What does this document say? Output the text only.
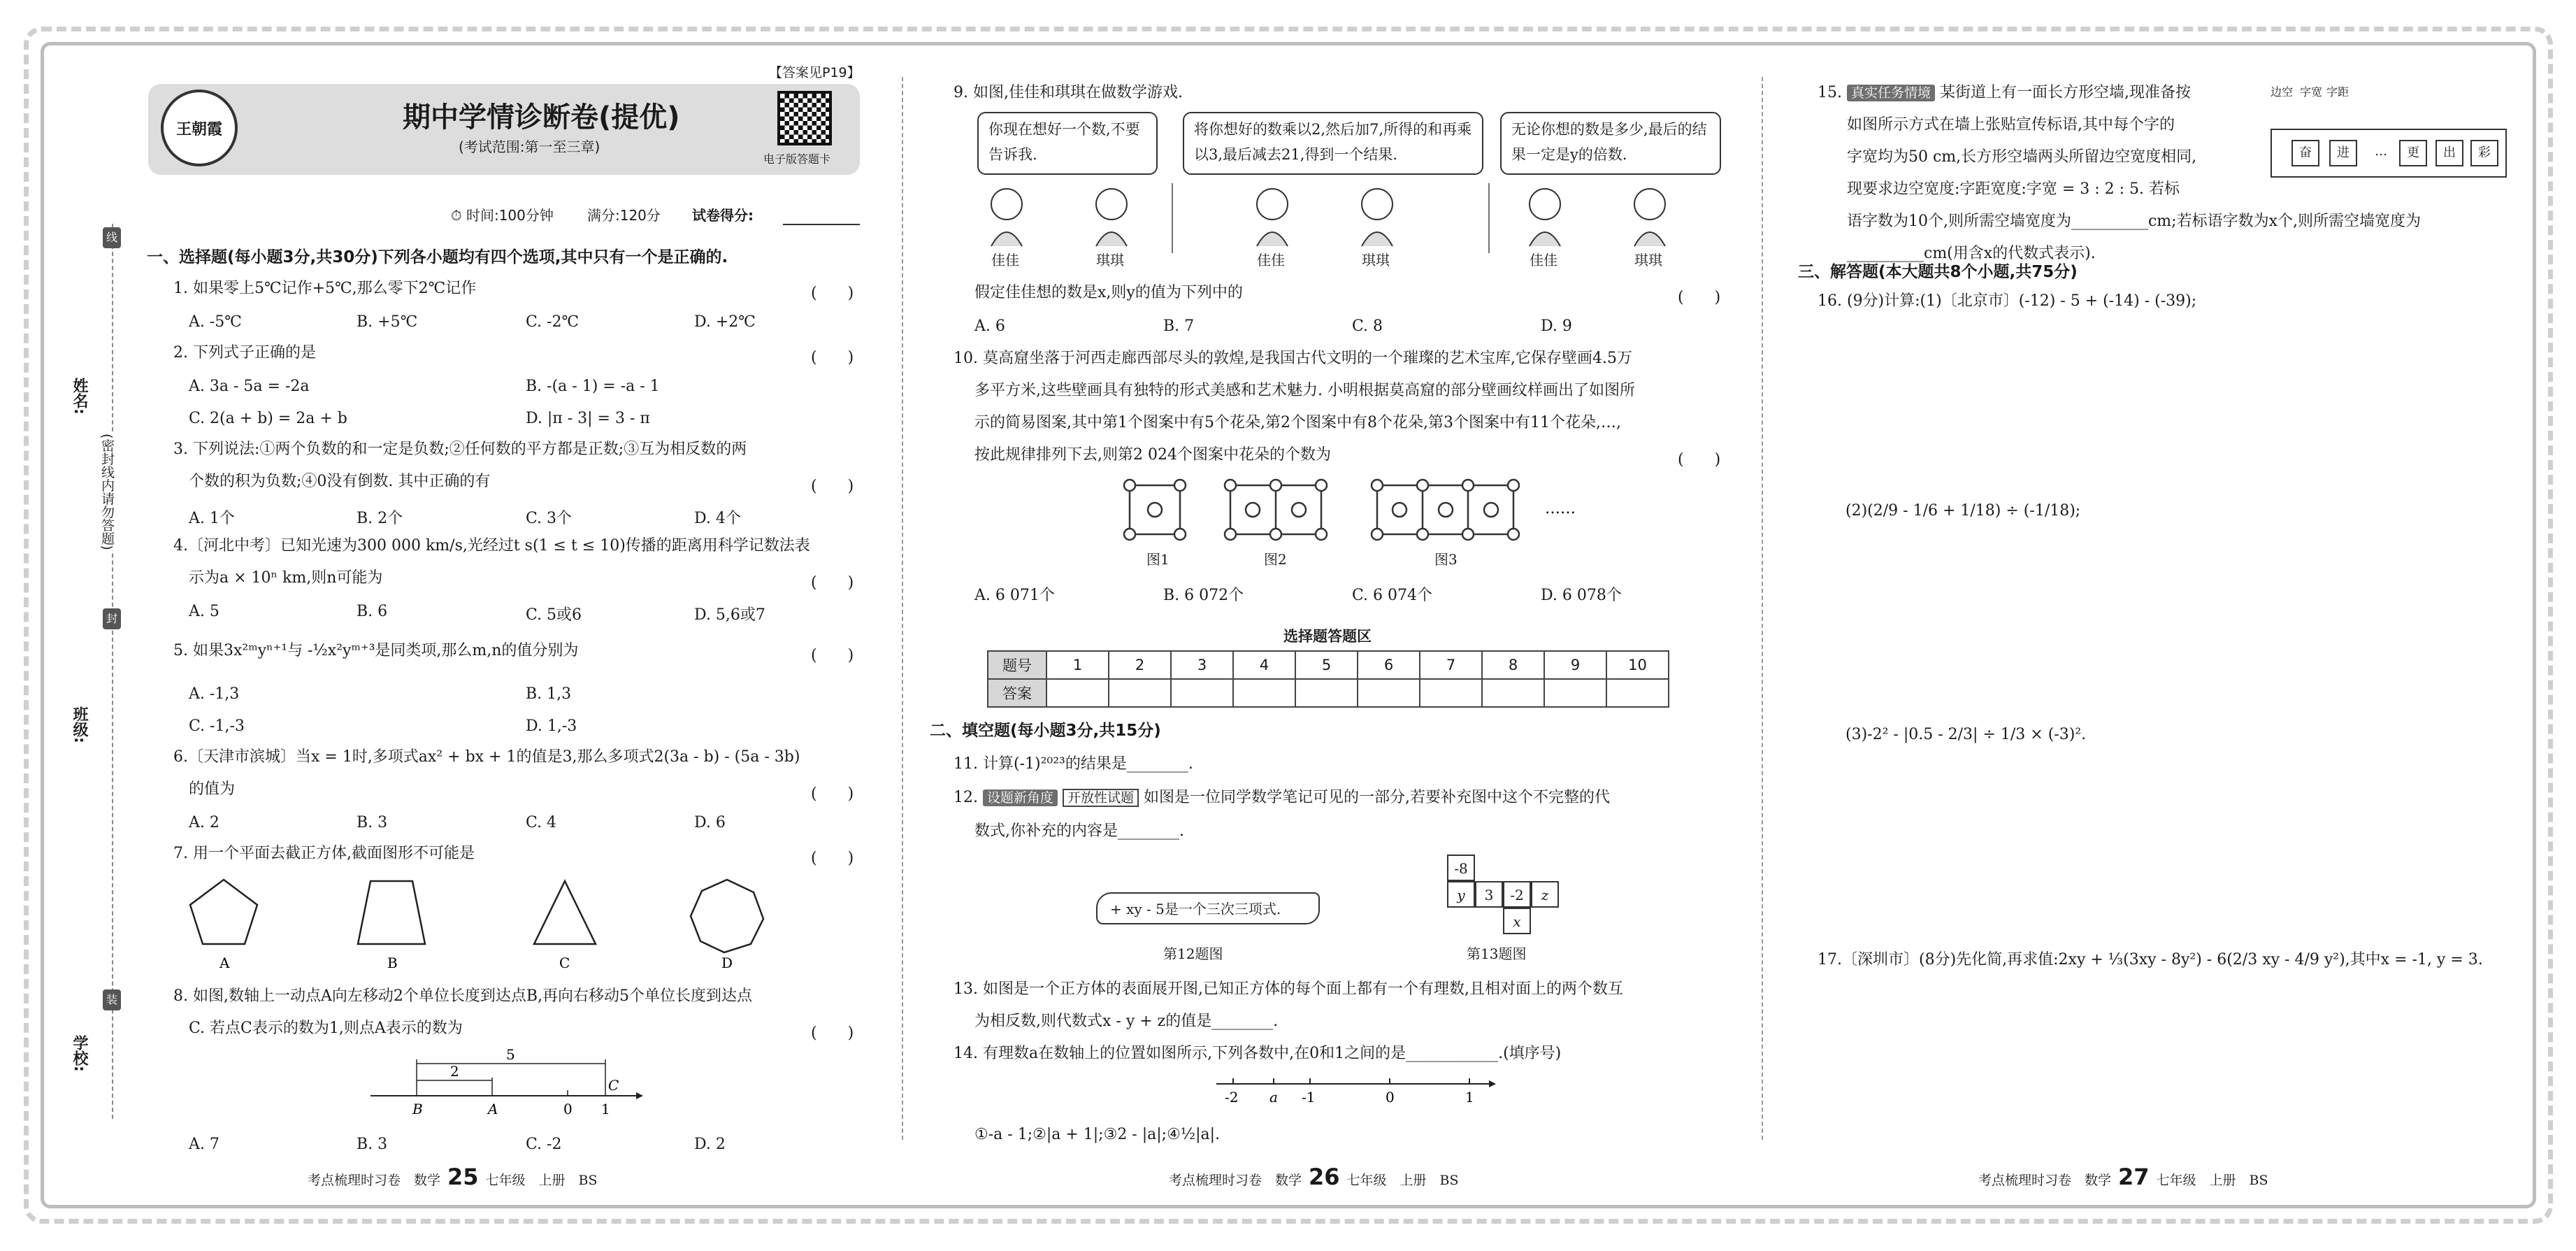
姓名:
班级:
学校:
线
封
装
(密封线内请勿答题)
王朝霞
【答案见P19】
期中学情诊断卷(提优)
(考试范围:第一至三章)
电子版答题卡
⏱ 时间:100分钟 满分:120分 试卷得分:
一、选择题(每小题3分,共30分)下列各小题均有四个选项,其中只有一个是正确的.
1. 如果零上5℃记作+5℃,那么零下2℃记作	(　　)
A. -5℃	B. +5℃	C. -2℃	D. +2℃
2. 下列式子正确的是	(　　)
A. 3a - 5a = -2a	B. -(a - 1) = -a - 1
C. 2(a + b) = 2a + b	D. |π - 3| = 3 - π
3. 下列说法:①两个负数的和一定是负数;②任何数的平方都是正数;③互为相反数的两
个数的积为负数;④0没有倒数. 其中正确的有	(　　)
A. 1个	B. 2个	C. 3个	D. 4个
4.〔河北中考〕已知光速为300 000 km/s,光经过t s(1 ≤ t ≤ 10)传播的距离用科学记数法表
示为a × 10ⁿ km,则n可能为	(　　)
A. 5	B. 6	C. 5或6	D. 5,6或7
5. 如果3x²ᵐyⁿ⁺¹与 -½x²yᵐ⁺³是同类项,那么m,n的值分别为	(　　)
A. -1,3	B. 1,3
C. -1,-3	D. 1,-3
6.〔天津市滨城〕当x = 1时,多项式ax² + bx + 1的值是3,那么多项式2(3a - b) - (5a - 3b)
的值为	(　　)
A. 2	B. 3	C. 4	D. 6
7. 用一个平面去截正方体,截面图形不可能是	(　　)
A	B	C	D
8. 如图,数轴上一动点A向左移动2个单位长度到达点B,再向右移动5个单位长度到达点
C. 若点C表示的数为1,则点A表示的数为	(　　)
5
2
0 1
B	A
C
A. 7	B. 3	C. -2	D. 2
9. 如图,佳佳和琪琪在做数学游戏.
你现在想好一个数,不要告诉我.
将你想好的数乘以2,然后加7,所得的和再乘以3,最后减去21,得到一个结果.
无论你想的数是多少,最后的结果一定是y的倍数.
佳佳	琪琪	佳佳	琪琪	佳佳	琪琪
假定佳佳想的数是x,则y的值为下列中的	(　　)
A. 6	B. 7	C. 8	D. 9
10. 莫高窟坐落于河西走廊西部尽头的敦煌,是我国古代文明的一个璀璨的艺术宝库,它保存壁画4.5万
多平方米,这些壁画具有独特的形式美感和艺术魅力. 小明根据莫高窟的部分壁画纹样画出了如图所
示的简易图案,其中第1个图案中有5个花朵,第2个图案中有8个花朵,第3个图案中有11个花朵,…,
按此规律排列下去,则第2 024个图案中花朵的个数为	(　　)
……
图1	图2	图3
A. 6 071个	B. 6 072个	C. 6 074个	D. 6 078个
选择题答题区
题号	1	2	3	4	5	6	7	8	9	10
答案										
二、填空题(每小题3分,共15分)
11. 计算(-1)²⁰²³的结果是________.
12. 设题新角度 开放性试题 如图是一位同学数学笔记可见的一部分,若要补充图中这个不完整的代
数式,你补充的内容是________.
+ xy - 5是一个三次三项式.
第12题图
-8
y	3	-2	z
x
第13题图
13. 如图是一个正方体的表面展开图,已知正方体的每个面上都有一个有理数,且相对面上的两个数互
为相反数,则代数式x - y + z的值是________.
14. 有理数a在数轴上的位置如图所示,下列各数中,在0和1之间的是____________.(填序号)
-2 a -1	0	1
①-a - 1;②|a + 1|;③2 - |a|;④½|a|.
15. 真实任务情境 某街道上有一面长方形空墙,现准备按
如图所示方式在墙上张贴宣传标语,其中每个字的
字宽均为50 cm,长方形空墙两头所留边空宽度相同,
现要求边空宽度:字距宽度:字宽 = 3 : 2 : 5. 若标
语字数为10个,则所需空墙宽度为__________cm;若标语字数为x个,则所需空墙宽度为
__________cm(用含x的代数式表示).
边空 字宽 字距
奋	进	…	更	出	彩
三、解答题(本大题共8个小题,共75分)
16. (9分)计算:(1)〔北京市〕(-12) - 5 + (-14) - (-39);
(2)(2/9 - 1/6 + 1/18) ÷ (-1/18);
(3)-2² - |0.5 - 2/3| ÷ 1/3 × (-3)².
17.〔深圳市〕(8分)先化简,再求值:2xy + ⅓(3xy - 8y²) - 6(2/3 xy - 4/9 y²),其中x = -1, y = 3.
考点梳理时习卷　数学 25 七年级　上册　BS	考点梳理时习卷　数学 26 七年级　上册　BS	考点梳理时习卷　数学 27 七年级　上册　BS
